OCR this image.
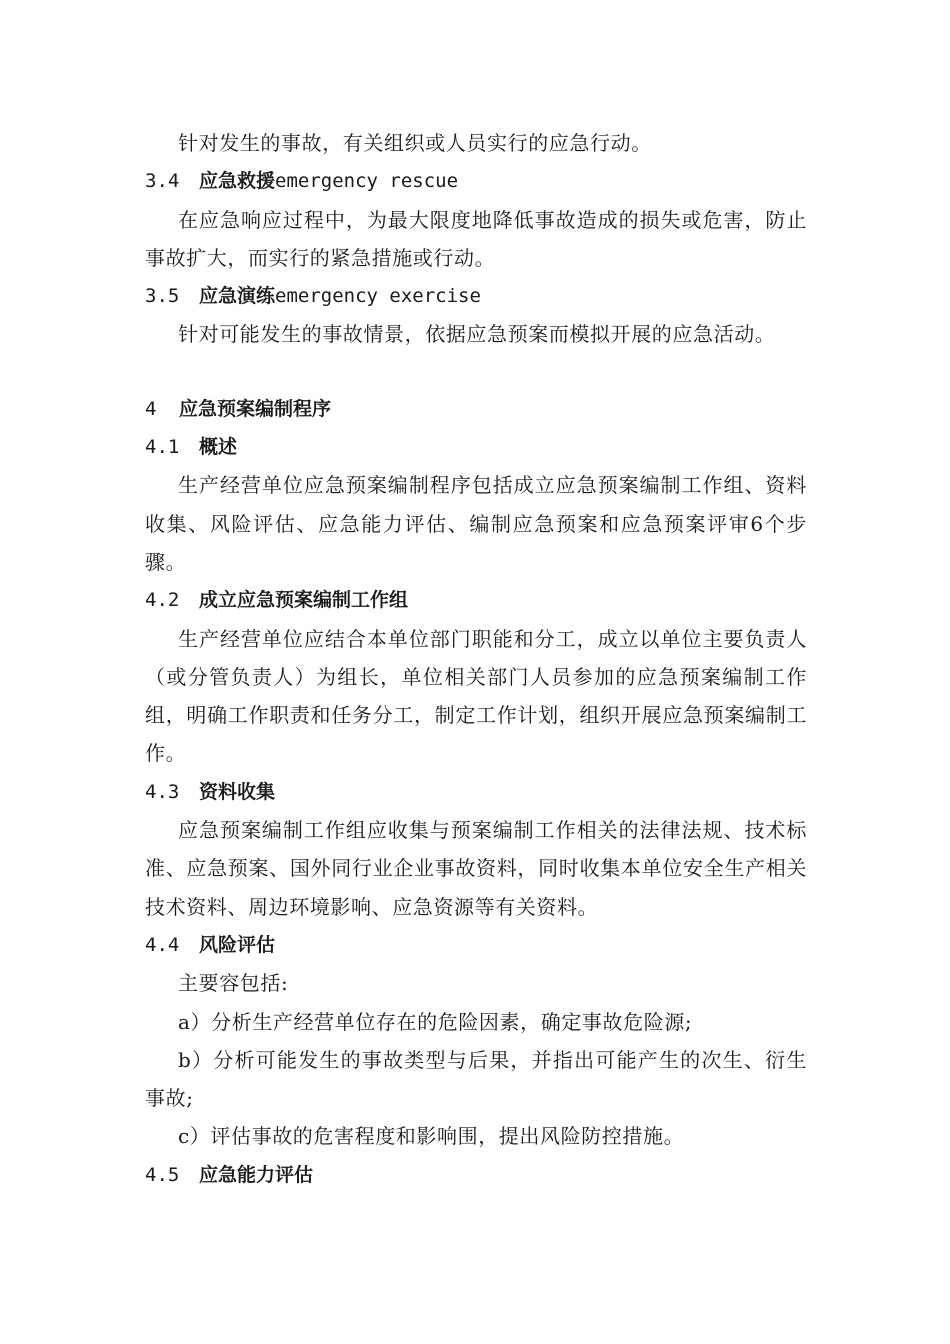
针对发生的事故，有关组织或人员实行的应急行动。
3.4 应急救援emergency rescue
在应急响应过程中，为最大限度地降低事故造成的损失或危害，防止事故扩大，而实行的紧急措施或行动。
3.5 应急演练emergency exercise
针对可能发生的事故情景，依据应急预案而模拟开展的应急活动。
4 应急预案编制程序
4.1 概述
生产经营单位应急预案编制程序包括成立应急预案编制工作组、资料收集、风险评估、应急能力评估、编制应急预案和应急预案评审6个步骤。
4.2 成立应急预案编制工作组
生产经营单位应结合本单位部门职能和分工，成立以单位主要负责人（或分管负责人）为组长，单位相关部门人员参加的应急预案编制工作组，明确工作职责和任务分工，制定工作计划，组织开展应急预案编制工作。
4.3 资料收集
应急预案编制工作组应收集与预案编制工作相关的法律法规、技术标准、应急预案、国外同行业企业事故资料，同时收集本单位安全生产相关技术资料、周边环境影响、应急资源等有关资料。
4.4 风险评估
主要容包括:
a）分析生产经营单位存在的危险因素，确定事故危险源;
b）分析可能发生的事故类型与后果，并指出可能产生的次生、衍生事故;
c）评估事故的危害程度和影响围，提出风险防控措施。
4.5 应急能力评估
